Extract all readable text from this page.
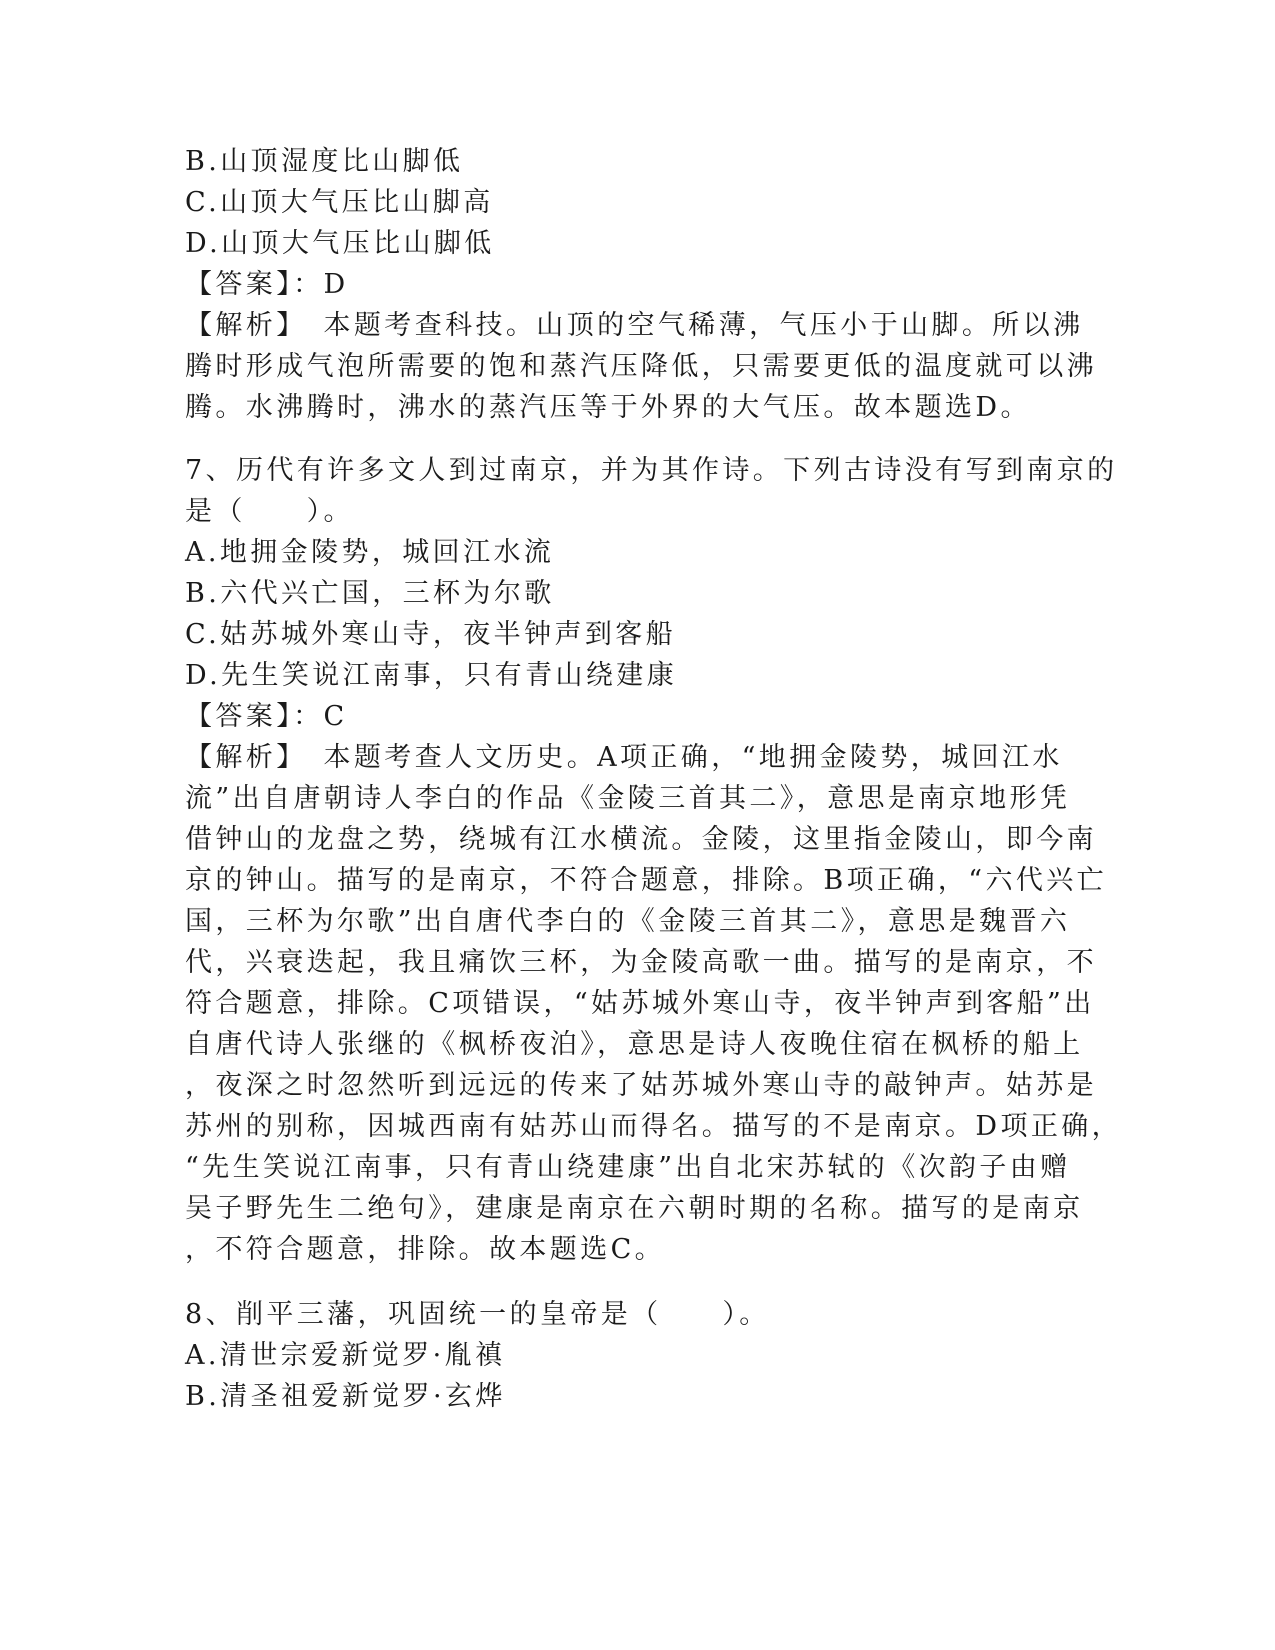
B.山顶湿度比山脚低
C.山顶大气压比山脚高
D.山顶大气压比山脚低
【答案】：D
【解析】　本题考查科技。山顶的空气稀薄，气压小于山脚。所以沸
腾时形成气泡所需要的饱和蒸汽压降低，只需要更低的温度就可以沸
腾。水沸腾时，沸水的蒸汽压等于外界的大气压。故本题选D。
7、历代有许多文人到过南京，并为其作诗。下列古诗没有写到南京的
是（　　）。
A.地拥金陵势，城回江水流
B.六代兴亡国，三杯为尔歌
C.姑苏城外寒山寺，夜半钟声到客船
D.先生笑说江南事，只有青山绕建康
【答案】：C
【解析】　本题考查人文历史。A项正确，“地拥金陵势，城回江水
流”出自唐朝诗人李白的作品《金陵三首其二》，意思是南京地形凭
借钟山的龙盘之势，绕城有江水横流。金陵，这里指金陵山，即今南
京的钟山。描写的是南京，不符合题意，排除。B项正确，“六代兴亡
国，三杯为尔歌”出自唐代李白的《金陵三首其二》，意思是魏晋六
代，兴衰迭起，我且痛饮三杯，为金陵高歌一曲。描写的是南京，不
符合题意，排除。C项错误，“姑苏城外寒山寺，夜半钟声到客船”出
自唐代诗人张继的《枫桥夜泊》，意思是诗人夜晚住宿在枫桥的船上
，夜深之时忽然听到远远的传来了姑苏城外寒山寺的敲钟声。姑苏是
苏州的别称，因城西南有姑苏山而得名。描写的不是南京。D项正确，
“先生笑说江南事，只有青山绕建康”出自北宋苏轼的《次韵子由赠
吴子野先生二绝句》，建康是南京在六朝时期的名称。描写的是南京
，不符合题意，排除。故本题选C。
8、削平三藩，巩固统一的皇帝是（　　）。
A.清世宗爱新觉罗·胤禛
B.清圣祖爱新觉罗·玄烨
